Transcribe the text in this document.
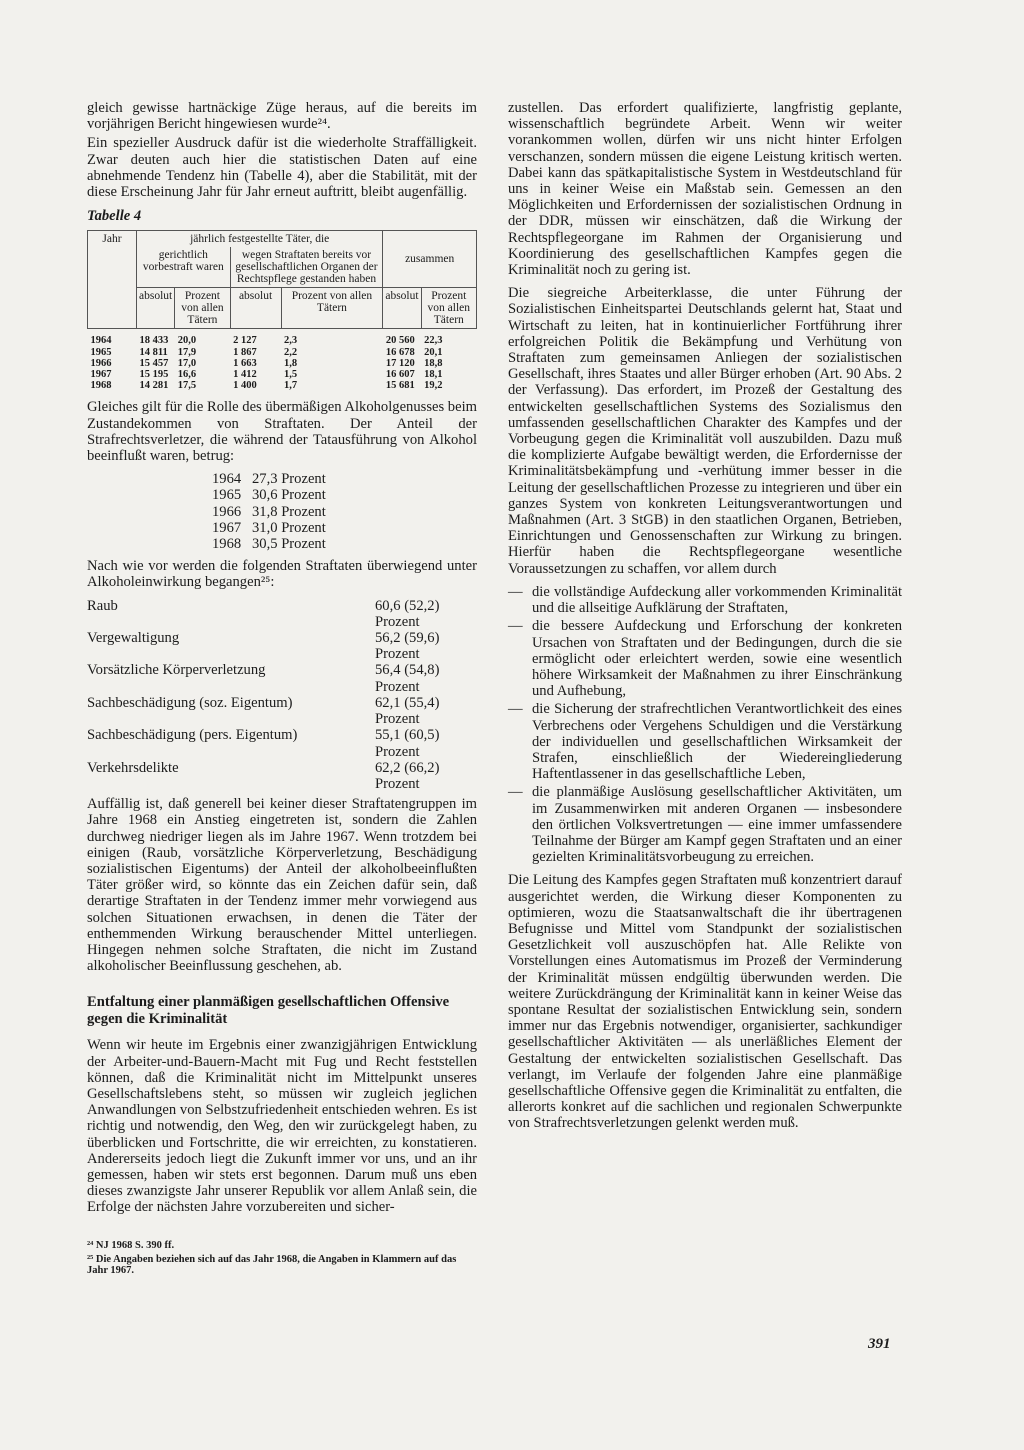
gleich gewisse hartnäckige Züge heraus, auf die bereits im vorjährigen Bericht hingewiesen wurde²⁴.

Ein spezieller Ausdruck dafür ist die wiederholte Straffälligkeit. Zwar deuten auch hier die statistischen Daten auf eine abnehmende Tendenz hin (Tabelle 4), aber die Stabilität, mit der diese Erscheinung Jahr für Jahr erneut auftritt, bleibt augenfällig.

Tabelle 4
Jahr	jährlich festgestellte Täter, die				zusammen	
	gerichtlich vorbestraft waren		wegen Straftaten bereits vor gesellschaftlichen Organen der Rechtspflege gestanden haben			
	absolut	Prozent von allen Tätern	absolut	Prozent von allen Tätern	absolut	Prozent von allen Tätern
1964	18 433	20,0	2 127	2,3	20 560	22,3
1965	14 811	17,9	1 867	2,2	16 678	20,1
1966	15 457	17,0	1 663	1,8	17 120	18,8
1967	15 195	16,6	1 412	1,5	16 607	18,1
1968	14 281	17,5	1 400	1,7	15 681	19,2

Gleiches gilt für die Rolle des übermäßigen Alkoholgenusses beim Zustandekommen von Straftaten. Der Anteil der Strafrechtsverletzer, die während der Tatausführung von Alkohol beeinflußt waren, betrug:

1964 27,3 Prozent
1965 30,6 Prozent
1966 31,8 Prozent
1967 31,0 Prozent
1968 30,5 Prozent

Nach wie vor werden die folgenden Straftaten überwiegend unter Alkoholeinwirkung begangen²⁵:

Raub	60,6 (52,2) Prozent
Vergewaltigung	56,2 (59,6) Prozent
Vorsätzliche Körperverletzung	56,4 (54,8) Prozent
Sachbeschädigung (soz. Eigentum)	62,1 (55,4) Prozent
Sachbeschädigung (pers. Eigentum)	55,1 (60,5) Prozent
Verkehrsdelikte	62,2 (66,2) Prozent

Auffällig ist, daß generell bei keiner dieser Straftatengruppen im Jahre 1968 ein Anstieg eingetreten ist, sondern die Zahlen durchweg niedriger liegen als im Jahre 1967. Wenn trotzdem bei einigen (Raub, vorsätzliche Körperverletzung, Beschädigung sozialistischen Eigentums) der Anteil der alkoholbeeinflußten Täter größer wird, so könnte das ein Zeichen dafür sein, daß derartige Straftaten in der Tendenz immer mehr vorwiegend aus solchen Situationen erwachsen, in denen die Täter der enthemmenden Wirkung berauschender Mittel unterliegen. Hingegen nehmen solche Straftaten, die nicht im Zustand alkoholischer Beeinflussung geschehen, ab.

Entfaltung einer planmäßigen gesellschaftlichen Offensive gegen die Kriminalität

Wenn wir heute im Ergebnis einer zwanzigjährigen Entwicklung der Arbeiter-und-Bauern-Macht mit Fug und Recht feststellen können, daß die Kriminalität nicht im Mittelpunkt unseres Gesellschaftslebens steht, so müssen wir zugleich jeglichen Anwandlungen von Selbstzufriedenheit entschieden wehren. Es ist richtig und notwendig, den Weg, den wir zurückgelegt haben, zu überblicken und Fortschritte, die wir erreichten, zu konstatieren. Andererseits jedoch liegt die Zukunft immer vor uns, und an ihr gemessen, haben wir stets erst begonnen. Darum muß uns eben dieses zwanzigste Jahr unserer Republik vor allem Anlaß sein, die Erfolge der nächsten Jahre vorzubereiten und sicher-

²⁴ NJ 1968 S. 390 ff.
²⁵ Die Angaben beziehen sich auf das Jahr 1968, die Angaben in Klammern auf das Jahr 1967.

zustellen. Das erfordert qualifizierte, langfristig geplante, wissenschaftlich begründete Arbeit. Wenn wir weiter vorankommen wollen, dürfen wir uns nicht hinter Erfolgen verschanzen, sondern müssen die eigene Leistung kritisch werten. Dabei kann das spätkapitalistische System in Westdeutschland für uns in keiner Weise ein Maßstab sein. Gemessen an den Möglichkeiten und Erfordernissen der sozialistischen Ordnung in der DDR, müssen wir einschätzen, daß die Wirkung der Rechtspflegeorgane im Rahmen der Organisierung und Koordinierung des gesellschaftlichen Kampfes gegen die Kriminalität noch zu gering ist.

Die siegreiche Arbeiterklasse, die unter Führung der Sozialistischen Einheitspartei Deutschlands gelernt hat, Staat und Wirtschaft zu leiten, hat in kontinuierlicher Fortführung ihrer erfolgreichen Politik die Bekämpfung und Verhütung von Straftaten zum gemeinsamen Anliegen der sozialistischen Gesellschaft, ihres Staates und aller Bürger erhoben (Art. 90 Abs. 2 der Verfassung). Das erfordert, im Prozeß der Gestaltung des entwickelten gesellschaftlichen Systems des Sozialismus den umfassenden gesellschaftlichen Charakter des Kampfes und der Vorbeugung gegen die Kriminalität voll auszubilden. Dazu muß die komplizierte Aufgabe bewältigt werden, die Erfordernisse der Kriminalitätsbekämpfung und -verhütung immer besser in die Leitung der gesellschaftlichen Prozesse zu integrieren und über ein ganzes System von konkreten Leitungsverantwortungen und Maßnahmen (Art. 3 StGB) in den staatlichen Organen, Betrieben, Einrichtungen und Genossenschaften zur Wirkung zu bringen. Hierfür haben die Rechtspflegeorgane wesentliche Voraussetzungen zu schaffen, vor allem durch

— die vollständige Aufdeckung aller vorkommenden Kriminalität und die allseitige Aufklärung der Straftaten,
— die bessere Aufdeckung und Erforschung der konkreten Ursachen von Straftaten und der Bedingungen, durch die sie ermöglicht oder erleichtert werden, sowie eine wesentlich höhere Wirksamkeit der Maßnahmen zu ihrer Einschränkung und Aufhebung,
— die Sicherung der strafrechtlichen Verantwortlichkeit des eines Verbrechens oder Vergehens Schuldigen und die Verstärkung der individuellen und gesellschaftlichen Wirksamkeit der Strafen, einschließlich der Wiedereingliederung Haftentlassener in das gesellschaftliche Leben,
— die planmäßige Auslösung gesellschaftlicher Aktivitäten, um im Zusammenwirken mit anderen Organen — insbesondere den örtlichen Volksvertretungen — eine immer umfassendere Teilnahme der Bürger am Kampf gegen Straftaten und an einer gezielten Kriminalitätsvorbeugung zu erreichen.

Die Leitung des Kampfes gegen Straftaten muß konzentriert darauf ausgerichtet werden, die Wirkung dieser Komponenten zu optimieren, wozu die Staatsanwaltschaft die ihr übertragenen Befugnisse und Mittel vom Standpunkt der sozialistischen Gesetzlichkeit voll auszuschöpfen hat. Alle Relikte von Vorstellungen eines Automatismus im Prozeß der Verminderung der Kriminalität müssen endgültig überwunden werden. Die weitere Zurückdrängung der Kriminalität kann in keiner Weise das spontane Resultat der sozialistischen Entwicklung sein, sondern immer nur das Ergebnis notwendiger, organisierter, sachkundiger gesellschaftlicher Aktivitäten — als unerläßliches Element der Gestaltung der entwickelten sozialistischen Gesellschaft. Das verlangt, im Verlaufe der folgenden Jahre eine planmäßige gesellschaftliche Offensive gegen die Kriminalität zu entfalten, die allerorts konkret auf die sachlichen und regionalen Schwerpunkte von Strafrechtsverletzungen gelenkt werden muß.

391
